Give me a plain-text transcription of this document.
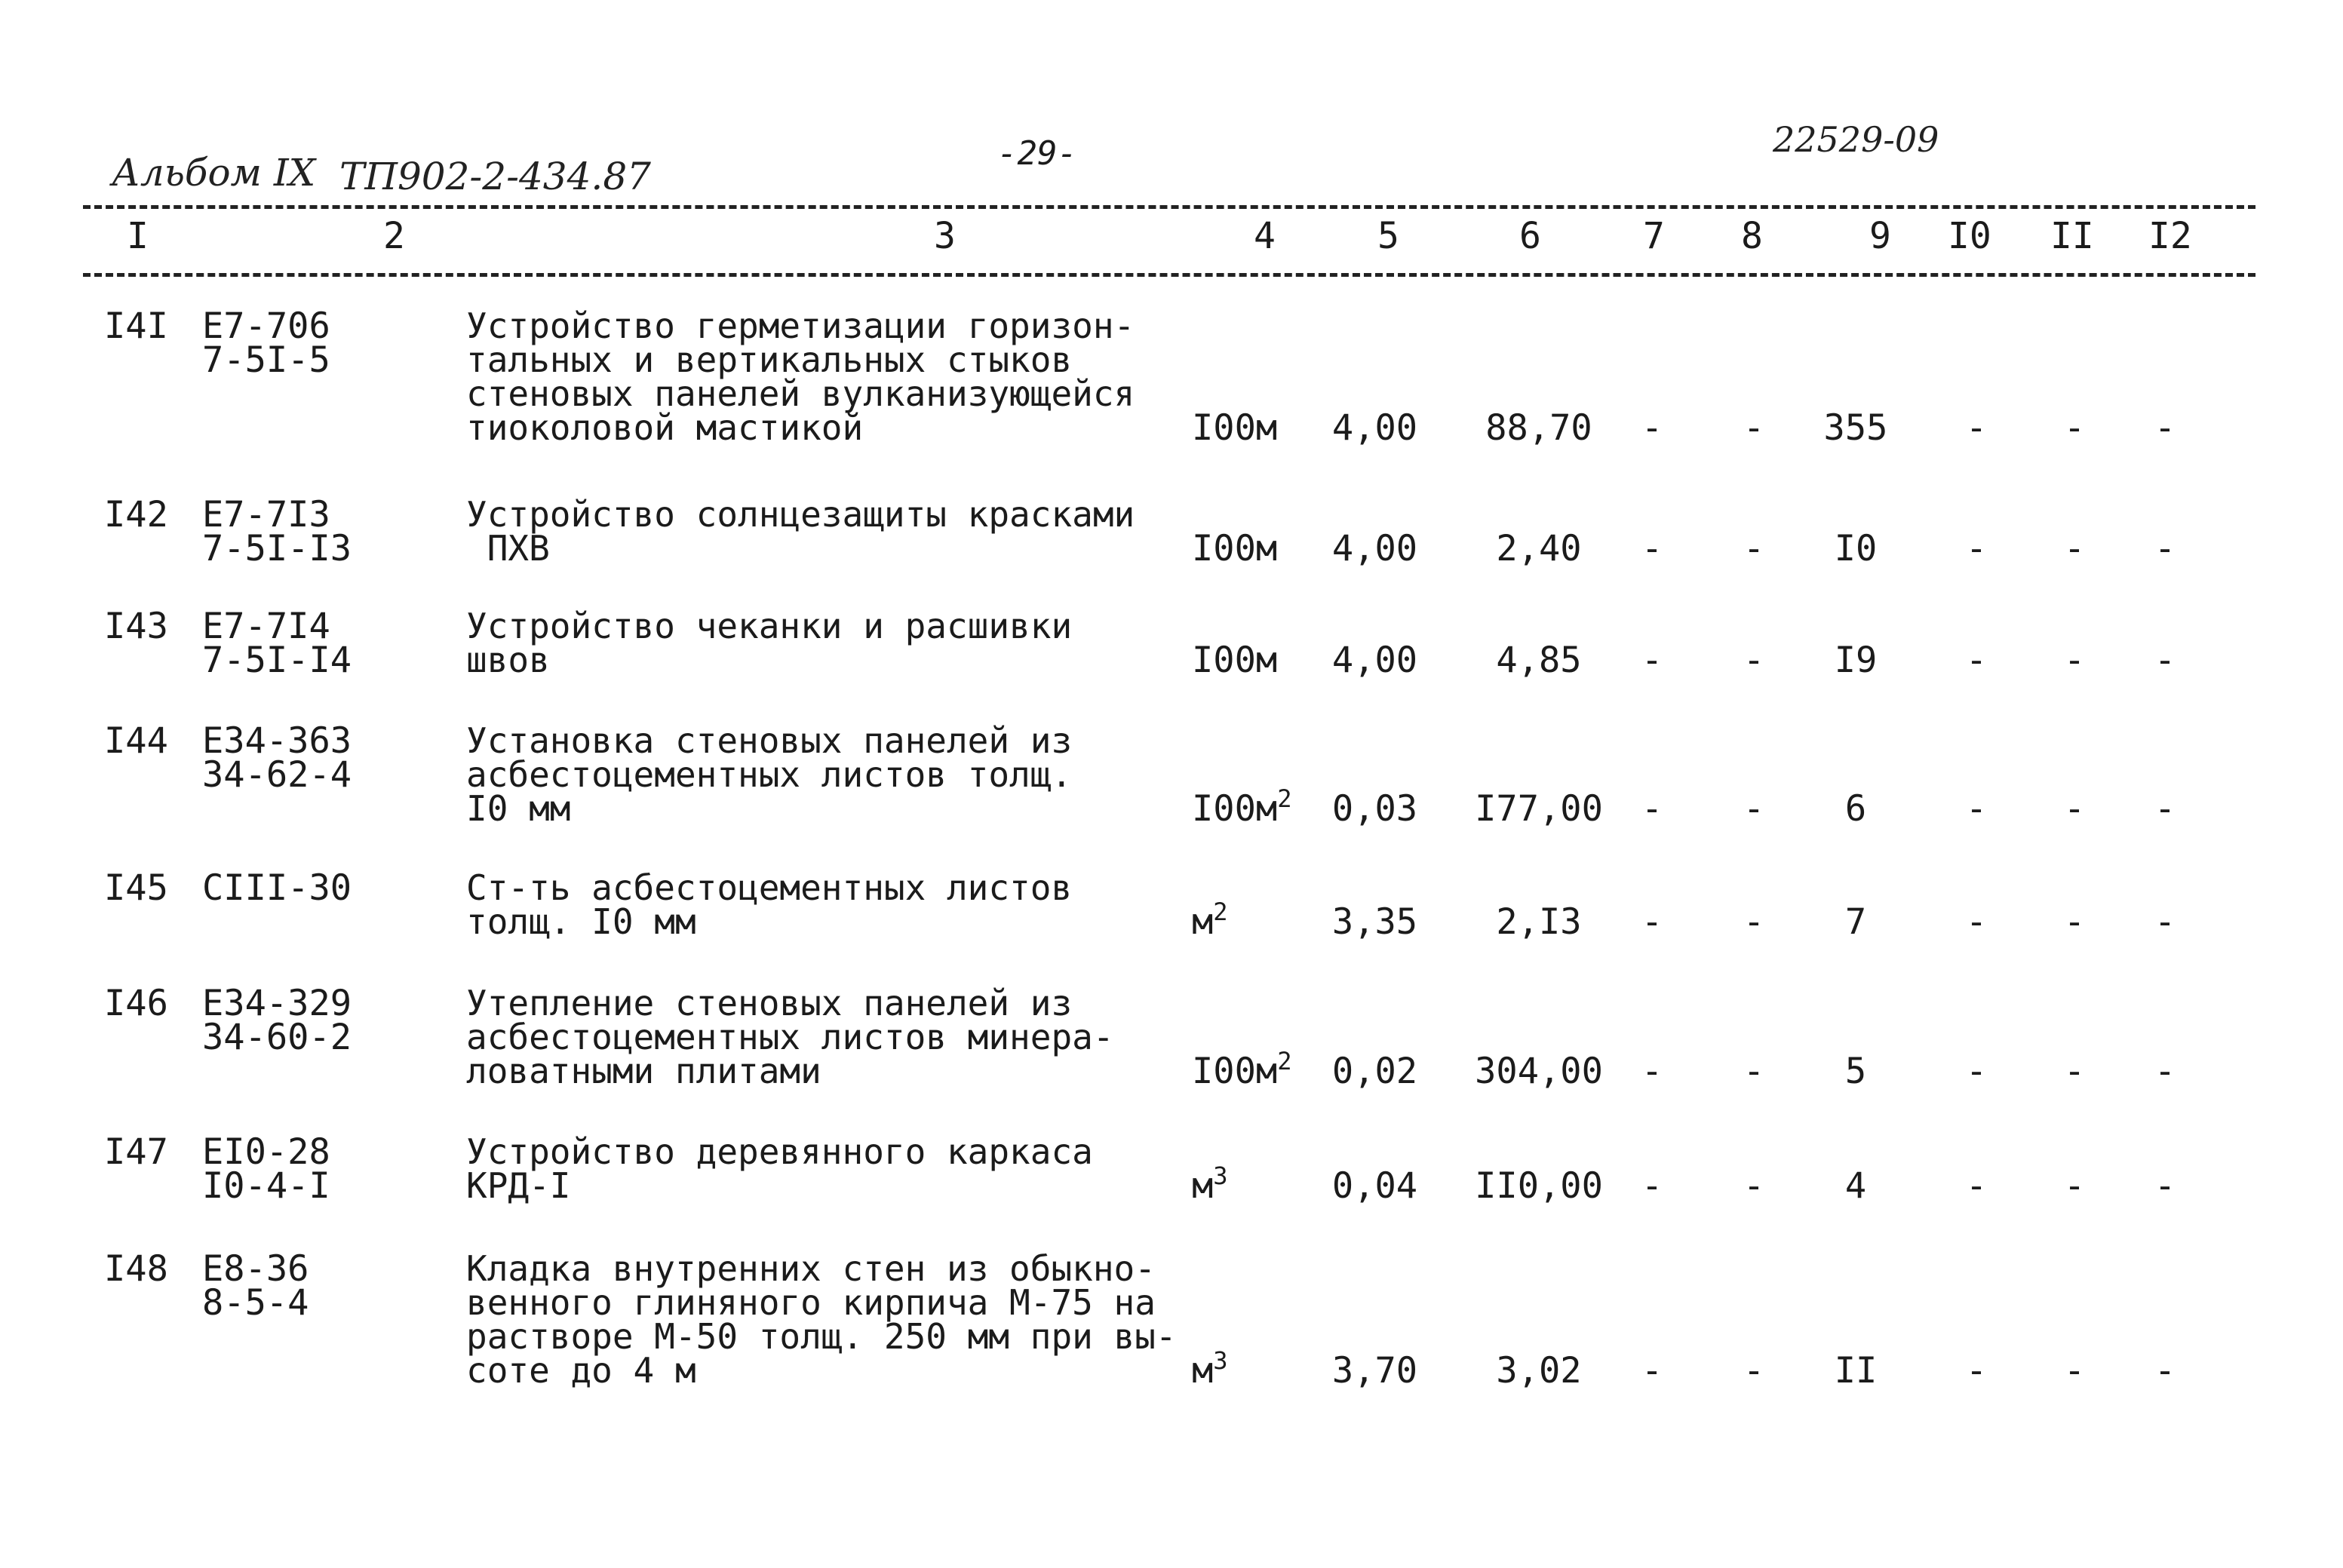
Альбом IX ТП902-2-434.87
-29-	22529-09
I	2	3	4	5	6	7 8	9 I0 II I2
I4I Е7-706
7-5I-5
Устройство герметизации горизон-
тальных и вертикальных стыков
стеновых панелей вулканизующейся
тиоколовой мастикой	I00м 4,00	88,70	-	-	355	-	-	-
I42 Е7-7I3
7-5I-I3
Устройство солнцезащиты красками
ПХВ	I00м 4,00	2,40	-	-	I0	-	-	-
I43 Е7-7I4
7-5I-I4
Устройство чеканки и расшивки
швов	I00м 4,00	4,85	-	-	I9	-	-	-
I44 Е34-363
34-62-4
Установка стеновых панелей из
асбестоцементных листов толщ.
I0 мм	$I00м^2$ 0,03 I77,00	-	-	6	-	-	-
I45 СIII-30	Ст-ть асбестоцементных листов
толщ. I0 мм	$м^2$	3,35	2,I3	-	-	7	-	-	-
I46 Е34-329
34-60-2
Утепление стеновых панелей из
асбестоцементных листов минера-
ловатными плитами	$I00м^2$ 0,02 304,00	-	-	5	-	-	-
I47 ЕI0-28
I0-4-I
Устройство деревянного каркаса
КРД-I	$м^3$	0,04 II0,00	-	-	4	-	-	-
I48 Е8-36
8-5-4
Кладка внутренних стен из обыкно-
венного глиняного кирпича М-75 на
растворе М-50 толщ. 250 мм при вы-
соте до 4 м	$м^3$	3,70	3,02	-	-	II	-	-	-
